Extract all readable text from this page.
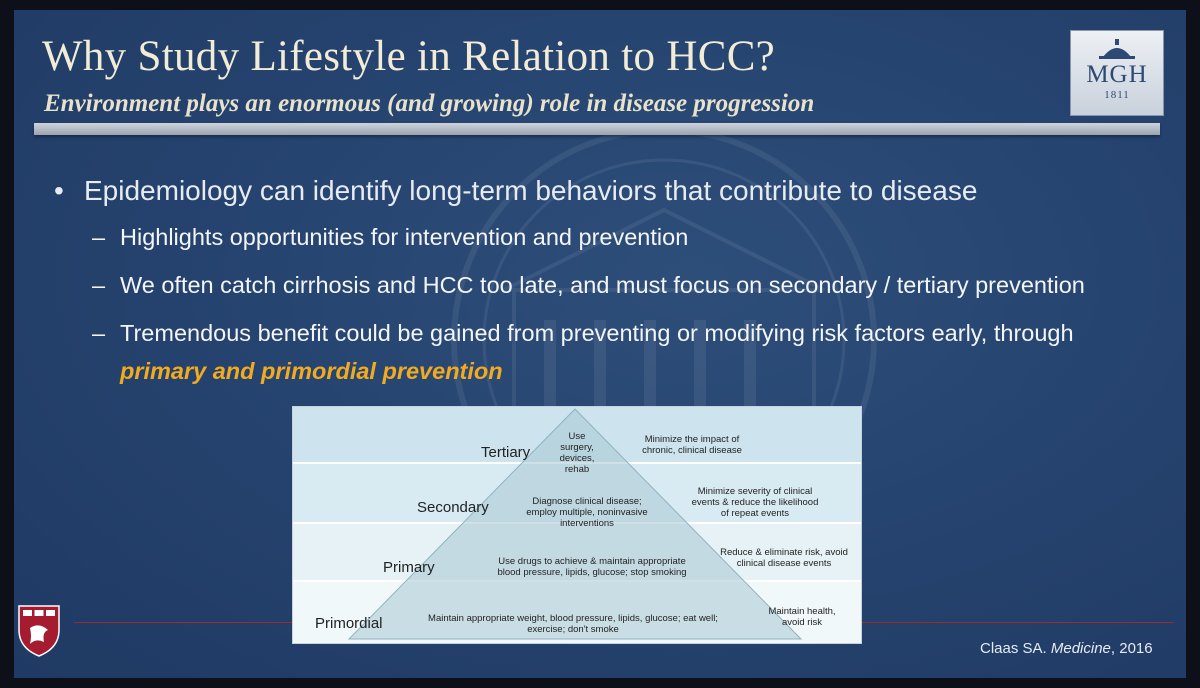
Why Study Lifestyle in Relation to HCC?
Environment plays an enormous (and growing) role in disease progression
MGH
1811
• Epidemiology can identify long-term behaviors that contribute to disease
– Highlights opportunities for intervention and prevention
– We often catch cirrhosis and HCC too late, and must focus on secondary / tertiary prevention
– Tremendous benefit could be gained from preventing or modifying risk factors early, through
primary and primordial prevention
Claas SA. Medicine, 2016
Tertiary
Secondary
Primary
Primordial
Use
surgery,
devices,
rehab
Minimize the impact of
chronic, clinical disease
Diagnose clinical disease;
employ multiple, noninvasive
interventions
Minimize severity of clinical
events & reduce the likelihood
of repeat events
Use drugs to achieve & maintain appropriate
blood pressure, lipids, glucose; stop smoking
Reduce & eliminate risk, avoid
clinical disease events
Maintain appropriate weight, blood pressure, lipids, glucose; eat well;
exercise; don't smoke
Maintain health,
avoid risk
